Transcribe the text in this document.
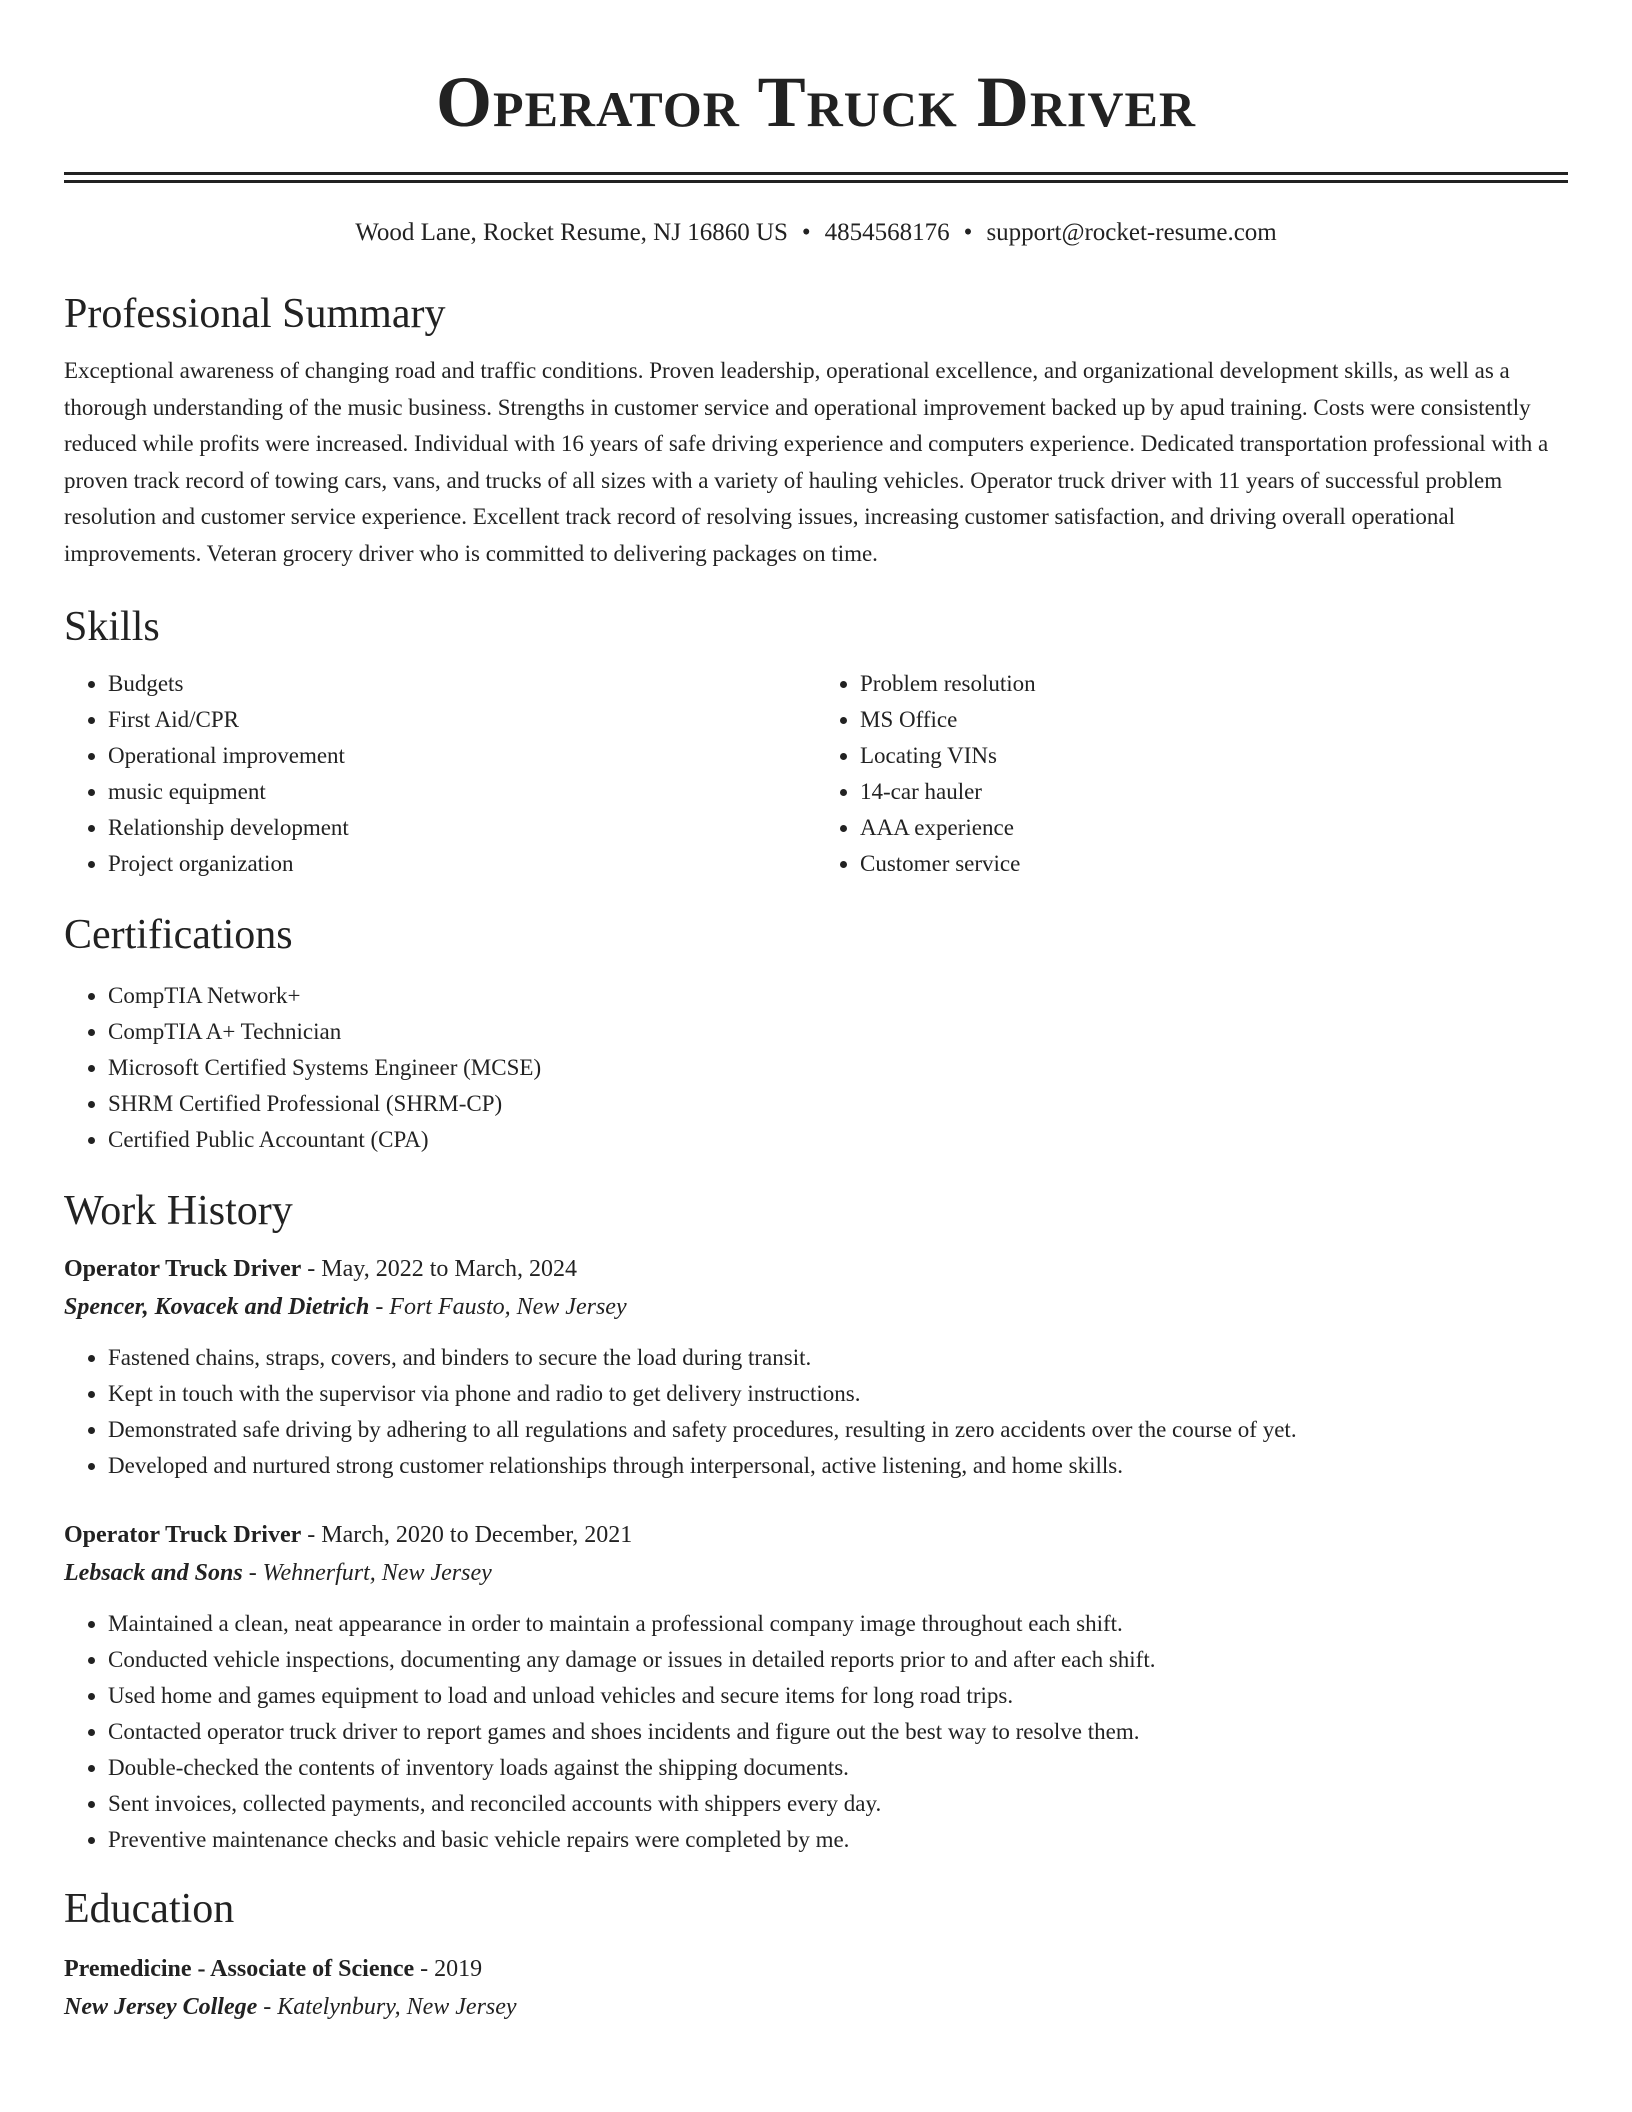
Operator Truck Driver
Wood Lane, Rocket Resume, NJ 16860 US • 4854568176 • support@rocket-resume.com
Professional Summary

Exceptional awareness of changing road and traffic conditions. Proven leadership, operational excellence, and organizational development skills, as well as a thorough understanding of the music business. Strengths in customer service and operational improvement backed up by apud training. Costs were consistently reduced while profits were increased. Individual with 16 years of safe driving experience and computers experience. Dedicated transportation professional with a proven track record of towing cars, vans, and trucks of all sizes with a variety of hauling vehicles. Operator truck driver with 11 years of successful problem resolution and customer service experience. Excellent track record of resolving issues, increasing customer satisfaction, and driving overall operational improvements. Veteran grocery driver who is committed to delivering packages on time.

Skills
• Budgets
• First Aid/CPR
• Operational improvement
• music equipment
• Relationship development
• Project organization
• Problem resolution
• MS Office
• Locating VINs
• 14-car hauler
• AAA experience
• Customer service
Certifications
• CompTIA Network+
• CompTIA A+ Technician
• Microsoft Certified Systems Engineer (MCSE)
• SHRM Certified Professional (SHRM-CP)
• Certified Public Accountant (CPA)
Work History
Operator Truck Driver - May, 2022 to March, 2024
Spencer, Kovacek and Dietrich - Fort Fausto, New Jersey
• Fastened chains, straps, covers, and binders to secure the load during transit.
• Kept in touch with the supervisor via phone and radio to get delivery instructions.
• Demonstrated safe driving by adhering to all regulations and safety procedures, resulting in zero accidents over the course of yet.
• Developed and nurtured strong customer relationships through interpersonal, active listening, and home skills.
Operator Truck Driver - March, 2020 to December, 2021
Lebsack and Sons - Wehnerfurt, New Jersey
• Maintained a clean, neat appearance in order to maintain a professional company image throughout each shift.
• Conducted vehicle inspections, documenting any damage or issues in detailed reports prior to and after each shift.
• Used home and games equipment to load and unload vehicles and secure items for long road trips.
• Contacted operator truck driver to report games and shoes incidents and figure out the best way to resolve them.
• Double-checked the contents of inventory loads against the shipping documents.
• Sent invoices, collected payments, and reconciled accounts with shippers every day.
• Preventive maintenance checks and basic vehicle repairs were completed by me.
Education
Premedicine - Associate of Science - 2019
New Jersey College - Katelynbury, New Jersey
